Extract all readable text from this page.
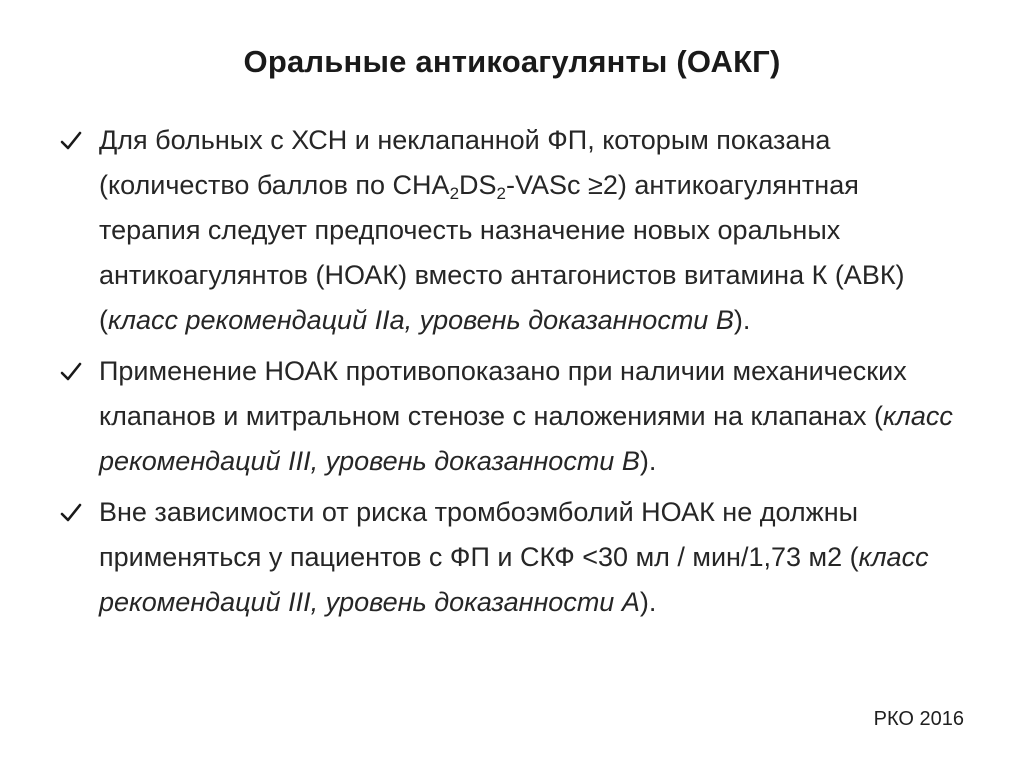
Оральные антикоагулянты (ОАКГ)
Для больных с ХСН и неклапанной ФП, которым показана (количество баллов по $CHA_2DS_2$-VASc ≥2) антикоагулянтная терапия следует предпочесть назначение новых оральных антикоагулянтов (НОАК) вместо антагонистов витамина К (АВК) (класс рекомендаций IIa, уровень доказанности B).
Применение НОАК противопоказано при наличии механических клапанов и митральном стенозе с наложениями на клапанах (класс рекомендаций III, уровень доказанности B).
Вне зависимости от риска тромбоэмболий НОАК не должны применяться у пациентов с ФП и СКФ <30 мл / мин/1,73 м2 (класс рекомендаций III, уровень доказанности A).
РКО 2016
